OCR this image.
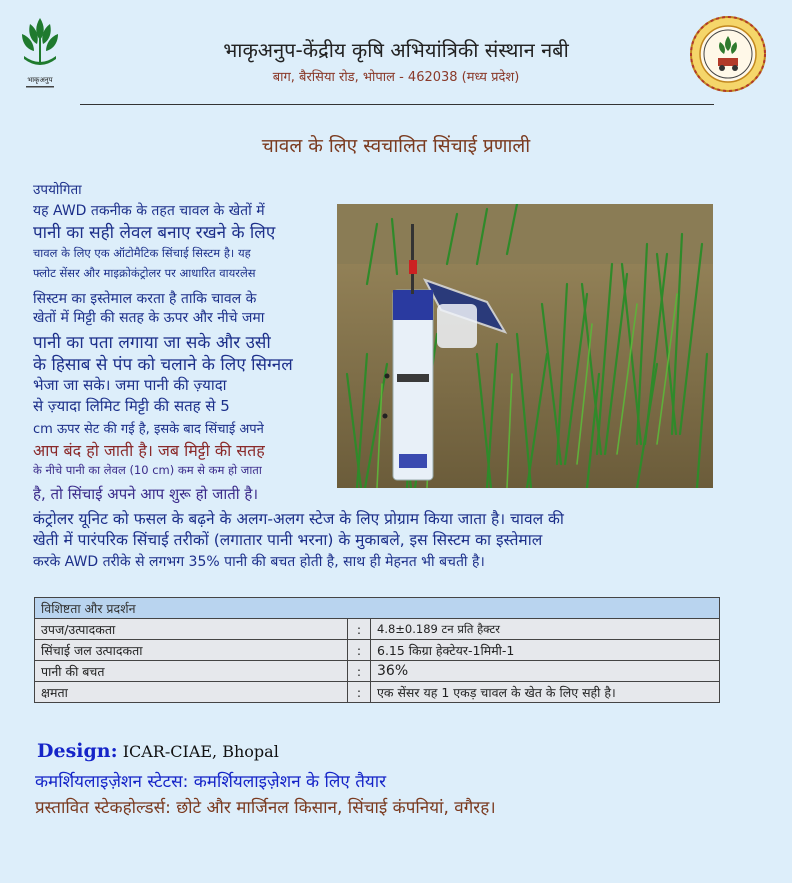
भाकृअनुप
भाकृअनुप-केंद्रीय कृषि अभियांत्रिकी संस्थान नबी
बाग, बैरसिया रोड, भोपाल - 462038 (मध्य प्रदेश)
चावल के लिए स्वचालित सिंचाई प्रणाली
उपयोगिता
यह AWD तकनीक के तहत चावल के खेतों में
पानी का सही लेवल बनाए रखने के लिए
चावल के लिए एक ऑटोमैटिक सिंचाई सिस्टम है। यह
फ्लोट सेंसर और माइक्रोकंट्रोलर पर आधारित वायरलेस
सिस्टम का इस्तेमाल करता है ताकि चावल के
खेतों में मिट्टी की सतह के ऊपर और नीचे जमा
पानी का पता लगाया जा सके और उसी
के हिसाब से पंप को चलाने के लिए सिग्नल
भेजा जा सके। जमा पानी की ज़्यादा
से ज़्यादा लिमिट मिट्टी की सतह से 5
cm ऊपर सेट की गई है, इसके बाद सिंचाई अपने
आप बंद हो जाती है। जब मिट्टी की सतह
के नीचे पानी का लेवल (10 cm) कम से कम हो जाता
है, तो सिंचाई अपने आप शुरू हो जाती है।
कंट्रोलर यूनिट को फसल के बढ़ने के अलग-अलग स्टेज के लिए प्रोग्राम किया जाता है। चावल की
खेती में पारंपरिक सिंचाई तरीकों (लगातार पानी भरना) के मुकाबले, इस सिस्टम का इस्तेमाल
करके AWD तरीके से लगभग 35% पानी की बचत होती है, साथ ही मेहनत भी बचती है।
विशिष्टता और प्रदर्शन		
उपज/उत्पादकता	:	4.8±0.189 टन प्रति हैक्टर
सिंचाई जल उत्पादकता	:	6.15 किग्रा हेक्टेयर-1मिमी-1
पानी की बचत	:	36%
क्षमता	:	एक सेंसर यह 1 एकड़ चावल के खेत के लिए सही है।
Design: ICAR-CIAE, Bhopal
कमर्शियलाइज़ेशन स्टेटस: कमर्शियलाइज़ेशन के लिए तैयार
प्रस्तावित स्टेकहोल्डर्स: छोटे और मार्जिनल किसान, सिंचाई कंपनियां, वगैरह।
